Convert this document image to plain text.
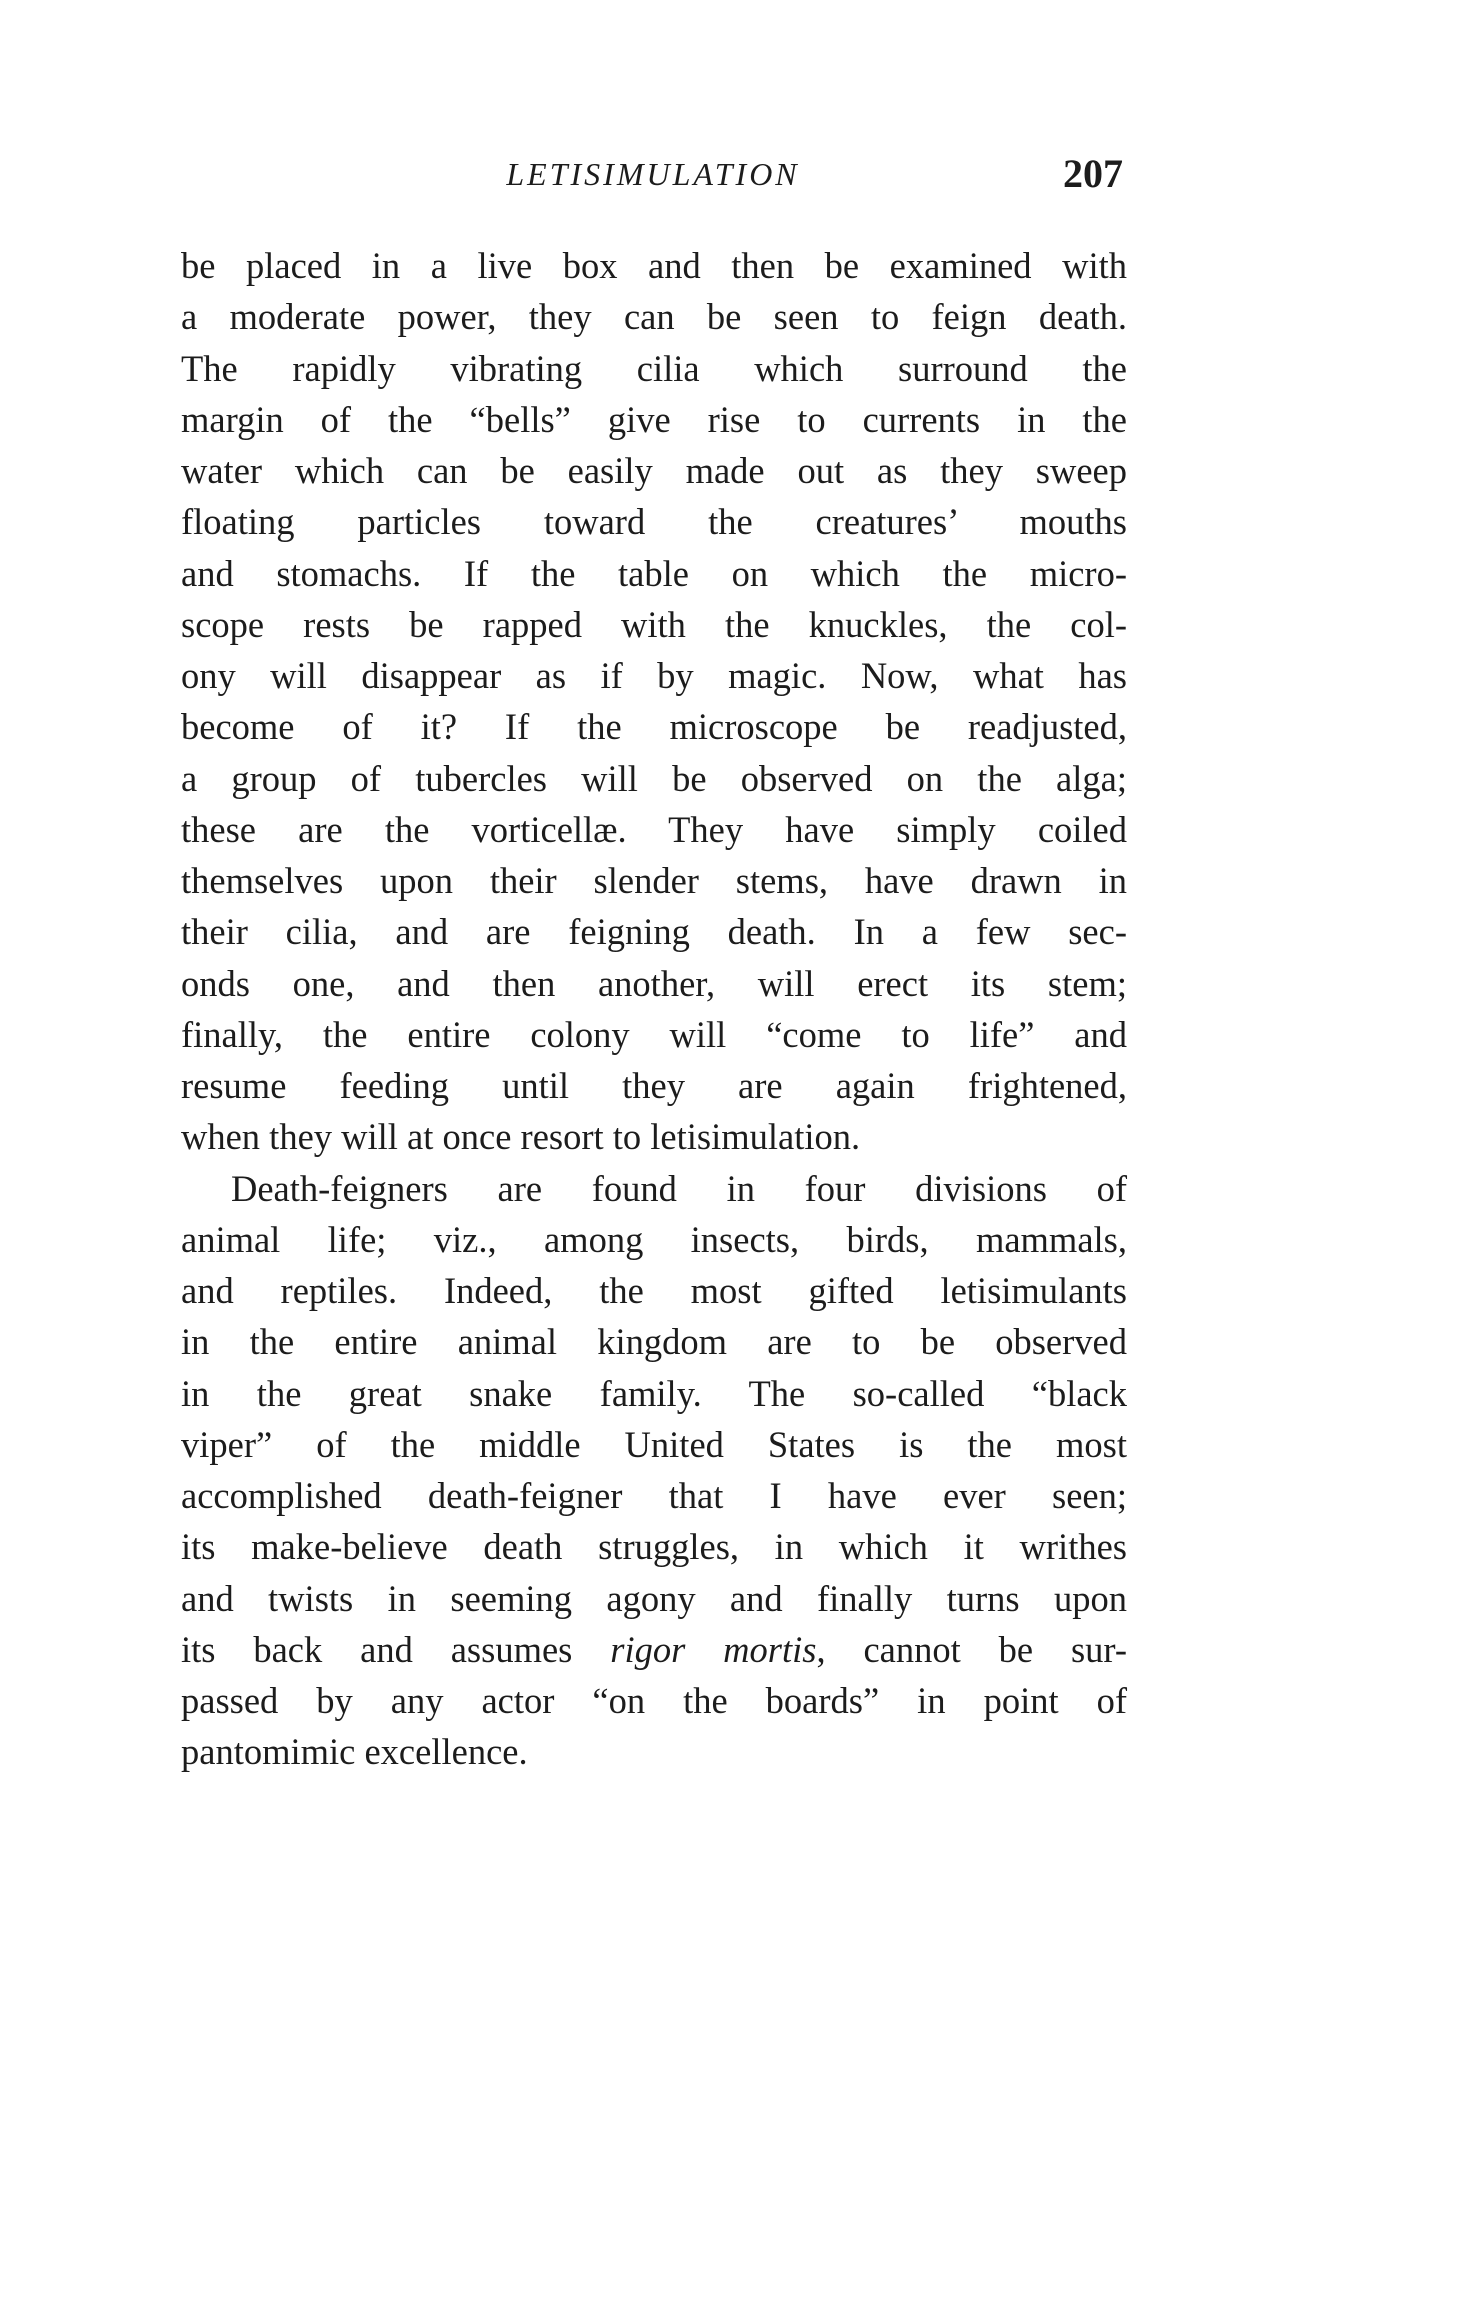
LETISIMULATION	207
be placed in a live box and then be examined with
a moderate power, they can be seen to feign death.
The rapidly vibrating cilia which surround the
margin of the “bells” give rise to currents in the
water which can be easily made out as they sweep
floating particles toward the creatures’ mouths
and stomachs. If the table on which the micro-
scope rests be rapped with the knuckles, the col-
ony will disappear as if by magic. Now, what has
become of it? If the microscope be readjusted,
a group of tubercles will be observed on the alga;
these are the vorticellæ. They have simply coiled
themselves upon their slender stems, have drawn in
their cilia, and are feigning death. In a few sec-
onds one, and then another, will erect its stem;
finally, the entire colony will “come to life” and
resume feeding until they are again frightened,
when they will at once resort to letisimulation.
Death-feigners are found in four divisions of
animal life; viz., among insects, birds, mammals,
and reptiles. Indeed, the most gifted letisimulants
in the entire animal kingdom are to be observed
in the great snake family. The so-called “black
viper” of the middle United States is the most
accomplished death-feigner that I have ever seen;
its make-believe death struggles, in which it writhes
and twists in seeming agony and finally turns upon
its back and assumes rigor mortis, cannot be sur-
passed by any actor “on the boards” in point of
pantomimic excellence.
